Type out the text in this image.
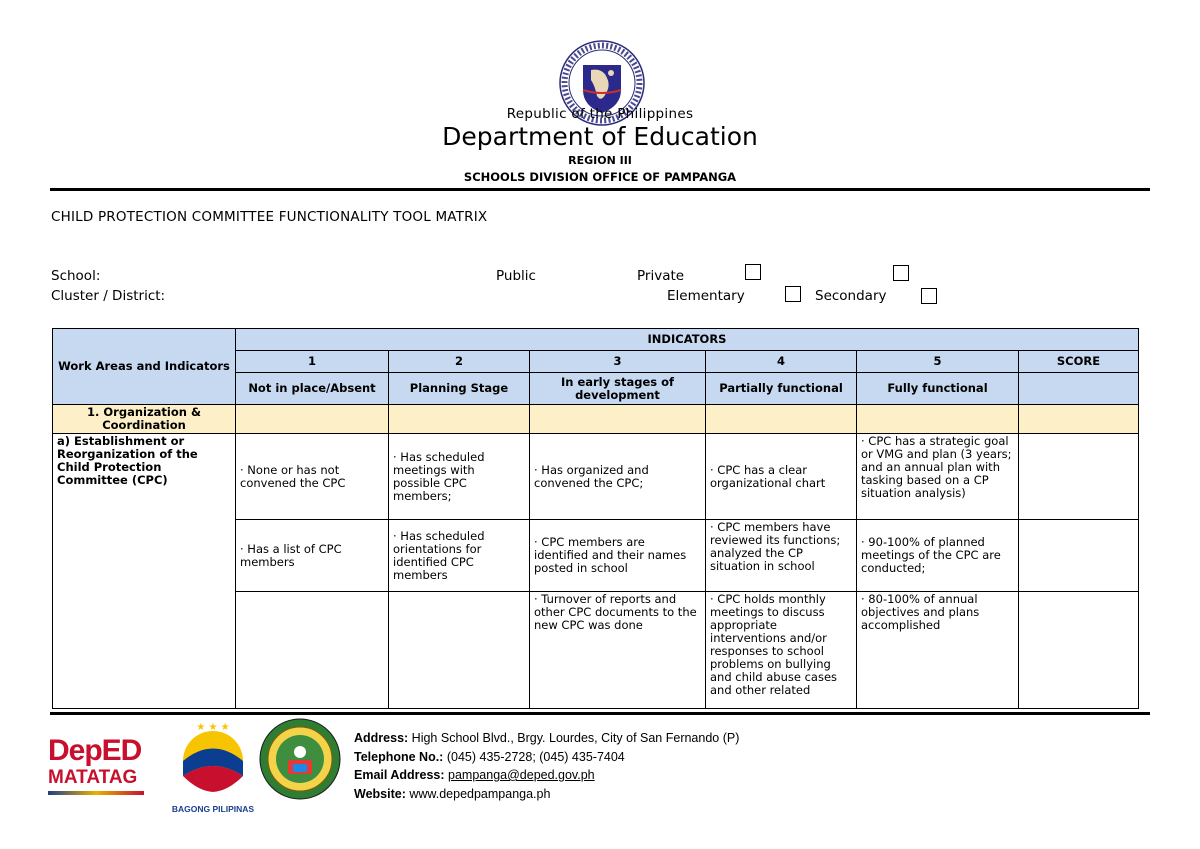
Republic of the Philippines
Department of Education
REGION III
SCHOOLS DIVISION OFFICE OF PAMPANGA
CHILD PROTECTION COMMITTEE FUNCTIONALITY TOOL MATRIX
School:
Cluster / District:
Public	Private
Elementary	Secondary
Work Areas and Indicators	INDICATORS					
	1	2	3	4	5	SCORE
	Not in place/Absent	Planning Stage	In early stages of development	Partially functional	Fully functional	
1. Organization & Coordination						
a) Establishment or Reorganization of the Child Protection Committee (CPC)	· None or has not convened the CPC	· Has scheduled meetings with possible CPC members;	· Has organized and convened the CPC;	· CPC has a clear organizational chart	· CPC has a strategic goal or VMG and plan (3 years; and an annual plan with tasking based on a CP situation analysis)	
	· Has a list of CPC members	· Has scheduled orientations for identified CPC members	· CPC members are identified and their names posted in school	· CPC members have reviewed its functions; analyzed the CP situation in school	· 90-100% of planned meetings of the CPC are conducted;	
			· Turnover of reports and other CPC documents to the new CPC was done	· CPC holds monthly meetings to discuss appropriate interventions and/or responses to school problems on bullying and child abuse cases and other related	· 80-100% of annual objectives and plans accomplished	
DepED
MATATAG
★ ★ ★
BAGONG PILIPINAS
Address: High School Blvd., Brgy. Lourdes, City of San Fernando (P)
Telephone No.: (045) 435-2728; (045) 435-7404
Email Address: pampanga@deped.gov.ph
Website: www.depedpampanga.ph
